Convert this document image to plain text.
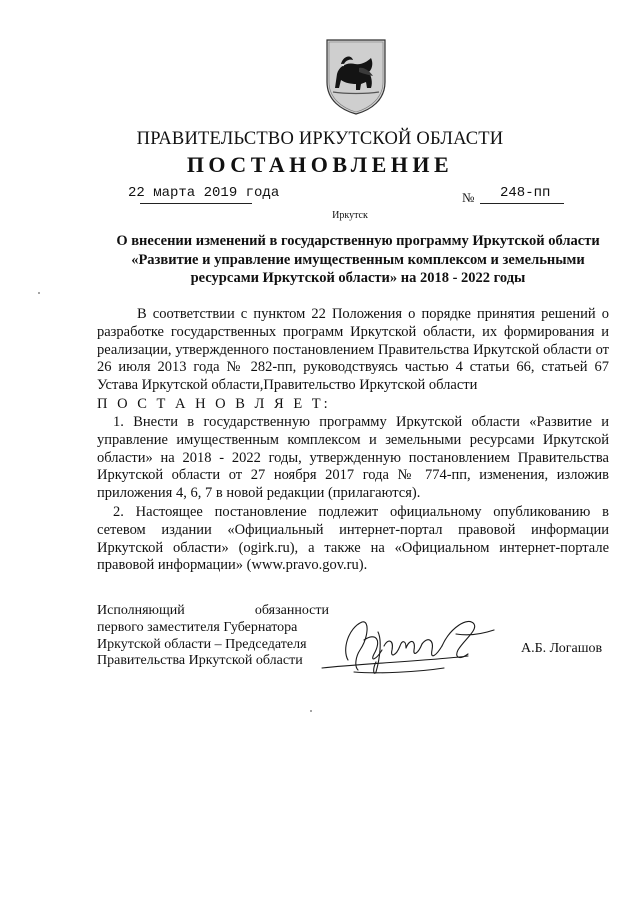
ПРАВИТЕЛЬСТВО ИРКУТСКОЙ ОБЛАСТИ
ПОСТАНОВЛЕНИЕ
22 марта 2019 года	№ 248-пп
Иркутск
О внесении изменений в государственную программу Иркутской области «Развитие и управление имущественным комплексом и земельными ресурсами Иркутской области» на 2018 - 2022 годы
В соответствии с пунктом 22 Положения о порядке принятия решений о разработке государственных программ Иркутской области, их формирования и реализации, утвержденного постановлением Правительства Иркутской области от 26 июля 2013 года № 282-пп, руководствуясь частью 4 статьи 66, статьей 67 Устава Иркутской области,Правительство Иркутской области
П О С Т А Н О В Л Я Е Т:
1. Внести в государственную программу Иркутской области «Развитие и управление имущественным комплексом и земельными ресурсами Иркутской области» на 2018 - 2022 годы, утвержденную постановлением Правительства Иркутской области от 27 ноября 2017 года № 774-пп, изменения, изложив приложения 4, 6, 7 в новой редакции (прилагаются).
2. Настоящее постановление подлежит официальному опубликованию в сетевом издании «Официальный интернет-портал правовой информации Иркутской области» (ogirk.ru), а также на «Официальном интернет-портале правовой информации» (www.pravo.gov.ru).
Исполняющий	обязанности
первого заместителя Губернатора
Иркутской области – Председателя
Правительства Иркутской области
А.Б. Логашов
